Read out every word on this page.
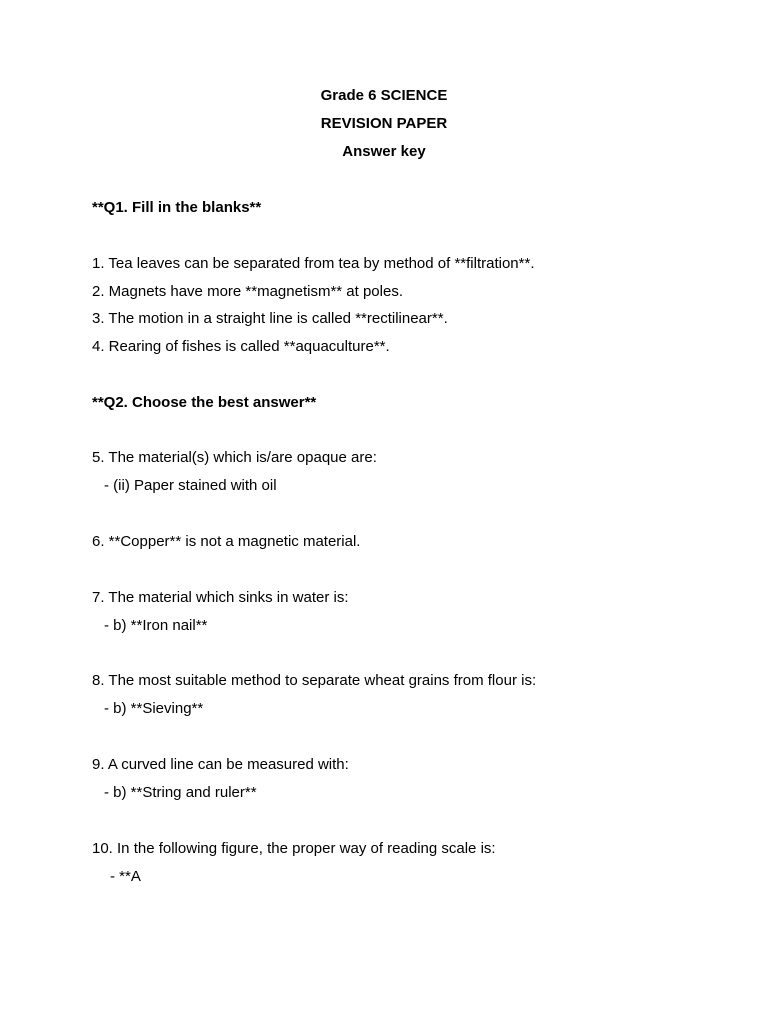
Grade 6 SCIENCE
REVISION PAPER
Answer key
**Q1. Fill in the blanks**
1. Tea leaves can be separated from tea by method of **filtration**.
2. Magnets have more **magnetism** at poles.
3. The motion in a straight line is called **rectilinear**.
4. Rearing of fishes is called **aquaculture**.
**Q2. Choose the best answer**
5. The material(s) which is/are opaque are:
- (ii) Paper stained with oil
6. **Copper** is not a magnetic material.
7. The material which sinks in water is:
- b) **Iron nail**
8. The most suitable method to separate wheat grains from flour is:
- b) **Sieving**
9. A curved line can be measured with:
- b) **String and ruler**
10. In the following figure, the proper way of reading scale is:
- **A
